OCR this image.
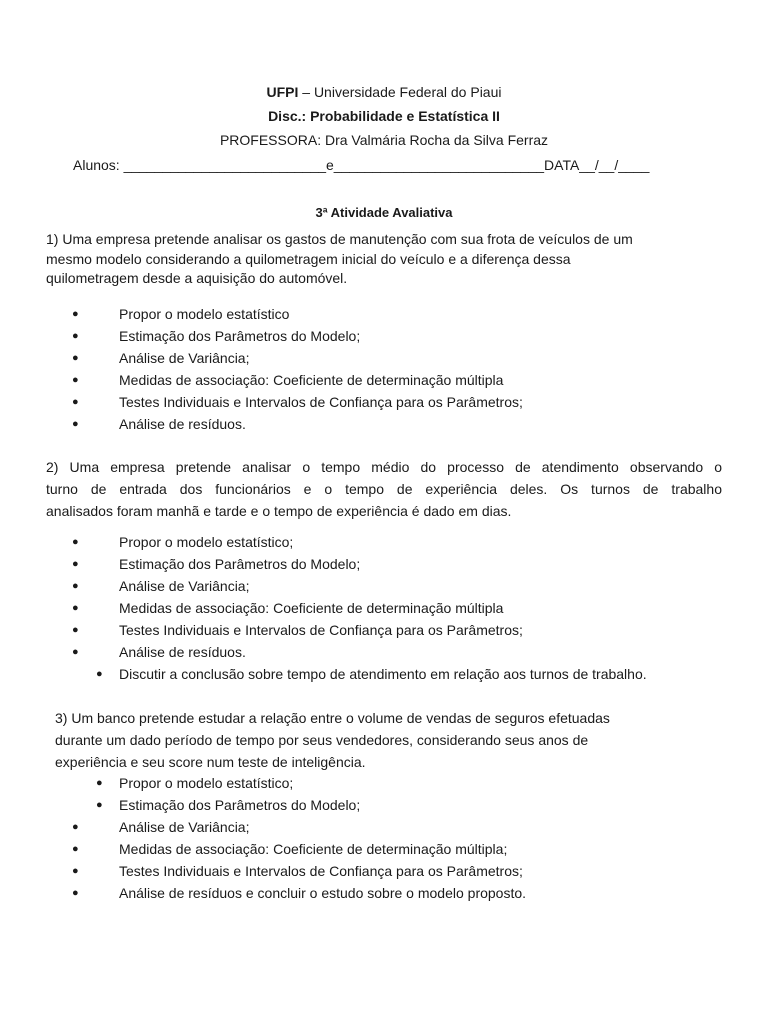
UFPI – Universidade Federal do Piaui
Disc.: Probabilidade e Estatística II
PROFESSORA: Dra Valmária Rocha da Silva Ferraz
Alunos: __________________________e___________________________DATA__/__/____
3ª Atividade Avaliativa
1) Uma empresa pretende analisar os gastos de manutenção com sua frota de veículos de um
mesmo modelo considerando a quilometragem inicial do veículo e a diferença dessa
quilometragem desde a aquisição do automóvel.
●	Propor o modelo estatístico
●	Estimação dos Parâmetros do Modelo;
●	Análise de Variância;
●	Medidas de associação: Coeficiente de determinação múltipla
●	Testes Individuais e Intervalos de Confiança para os Parâmetros;
●	Análise de resíduos.
2) Uma empresa pretende analisar o tempo médio do processo de atendimento observando o
turno de entrada dos funcionários e o tempo de experiência deles. Os turnos de trabalho
analisados foram manhã e tarde e o tempo de experiência é dado em dias.
●	Propor o modelo estatístico;
●	Estimação dos Parâmetros do Modelo;
●	Análise de Variância;
●	Medidas de associação: Coeficiente de determinação múltipla
●	Testes Individuais e Intervalos de Confiança para os Parâmetros;
●	Análise de resíduos.
● Discutir a conclusão sobre tempo de atendimento em relação aos turnos de trabalho.
3) Um banco pretende estudar a relação entre o volume de vendas de seguros efetuadas
durante um dado período de tempo por seus vendedores, considerando seus anos de
experiência e seu score num teste de inteligência.
● Propor o modelo estatístico;
● Estimação dos Parâmetros do Modelo;
●	Análise de Variância;
●	Medidas de associação: Coeficiente de determinação múltipla;
●	Testes Individuais e Intervalos de Confiança para os Parâmetros;
●	Análise de resíduos e concluir o estudo sobre o modelo proposto.
